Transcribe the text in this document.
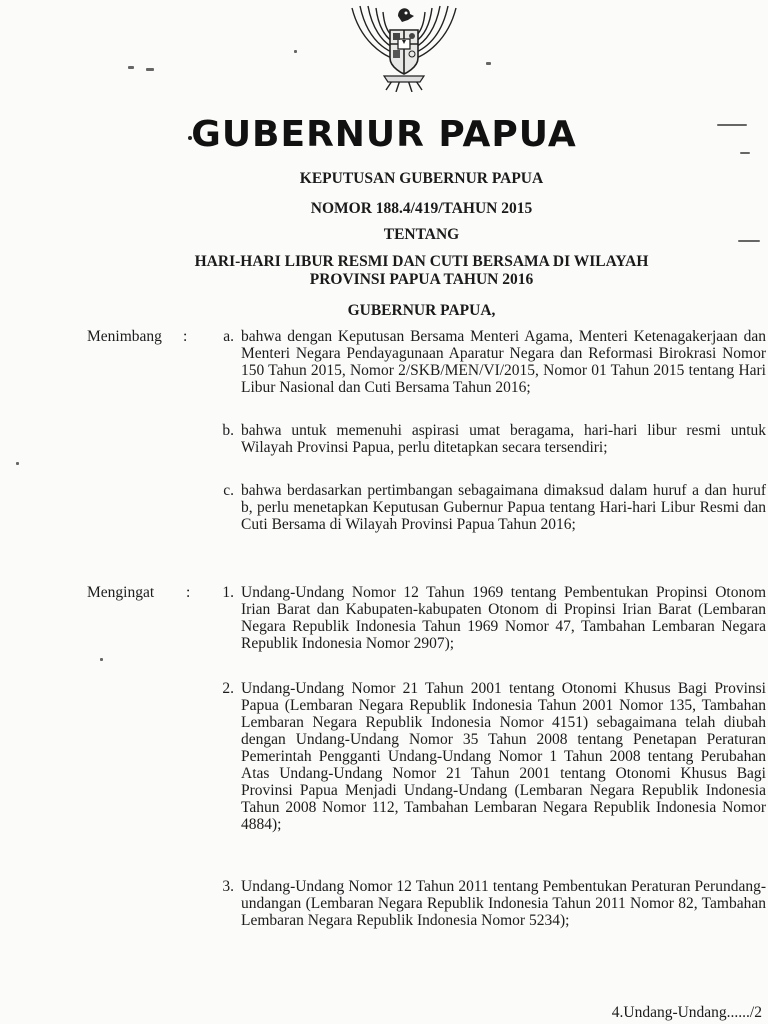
GUBERNUR PAPUA
KEPUTUSAN GUBERNUR PAPUA
NOMOR 188.4/419/TAHUN 2015
TENTANG
HARI-HARI LIBUR RESMI DAN CUTI BERSAMA DI WILAYAH
PROVINSI PAPUA TAHUN 2016
GUBERNUR PAPUA,
Menimbang :	a. bahwa dengan Keputusan Bersama Menteri Agama, Menteri Ketenagakerjaan dan Menteri Negara Pendayagunaan Aparatur Negara dan Reformasi Birokrasi Nomor 150 Tahun 2015, Nomor 2/SKB/MEN/VI/2015, Nomor 01 Tahun 2015 tentang Hari Libur Nasional dan Cuti Bersama Tahun 2016;
b. bahwa untuk memenuhi aspirasi umat beragama, hari-hari libur resmi untuk Wilayah Provinsi Papua, perlu ditetapkan secara tersendiri;
c. bahwa berdasarkan pertimbangan sebagaimana dimaksud dalam huruf a dan huruf b, perlu menetapkan Keputusan Gubernur Papua tentang Hari-hari Libur Resmi dan Cuti Bersama di Wilayah Provinsi Papua Tahun 2016;
Mengingat :	1. Undang-Undang Nomor 12 Tahun 1969 tentang Pembentukan Propinsi Otonom Irian Barat dan Kabupaten-kabupaten Otonom di Propinsi Irian Barat (Lembaran Negara Republik Indonesia Tahun 1969 Nomor 47, Tambahan Lembaran Negara Republik Indonesia Nomor 2907);
2. Undang-Undang Nomor 21 Tahun 2001 tentang Otonomi Khusus Bagi Provinsi Papua (Lembaran Negara Republik Indonesia Tahun 2001 Nomor 135, Tambahan Lembaran Negara Republik Indonesia Nomor 4151) sebagaimana telah diubah dengan Undang-Undang Nomor 35 Tahun 2008 tentang Penetapan Peraturan Pemerintah Pengganti Undang-Undang Nomor 1 Tahun 2008 tentang Perubahan Atas Undang-Undang Nomor 21 Tahun 2001 tentang Otonomi Khusus Bagi Provinsi Papua Menjadi Undang-Undang (Lembaran Negara Republik Indonesia Tahun 2008 Nomor 112, Tambahan Lembaran Negara Republik Indonesia Nomor 4884);
3. Undang-Undang Nomor 12 Tahun 2011 tentang Pembentukan Peraturan Perundang-undangan (Lembaran Negara Republik Indonesia Tahun 2011 Nomor 82, Tambahan Lembaran Negara Republik Indonesia Nomor 5234);
4.Undang-Undang....../2
